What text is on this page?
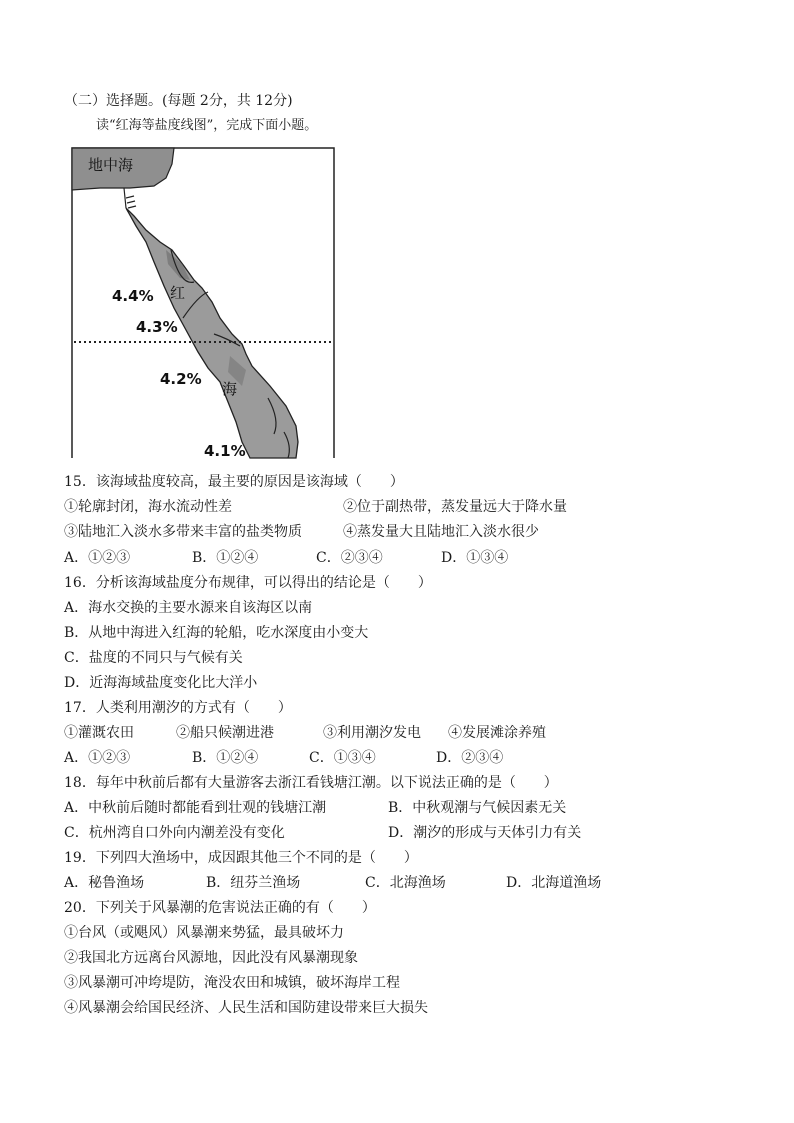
（二）选择题。(每题 2分，共 12分)
读“红海等盐度线图”，完成下面小题。
地中海
红
海
4.4%
4.3%
4.2%
4.1%
15．该海域盐度较高，最主要的原因是该海域（　　）
①轮廓封闭，海水流动性差	②位于副热带，蒸发量远大于降水量
③陆地汇入淡水多带来丰富的盐类物质	④蒸发量大且陆地汇入淡水很少
A．①②③	B．①②④	C．②③④	D．①③④
16．分析该海域盐度分布规律，可以得出的结论是（　　）
A．海水交换的主要水源来自该海区以南
B．从地中海进入红海的轮船，吃水深度由小变大
C．盐度的不同只与气候有关
D．近海海域盐度变化比大洋小
17．人类利用潮汐的方式有（　　）
①灌溉农田	②船只候潮进港	③利用潮汐发电 ④发展滩涂养殖
A．①②③	B．①②④	C．①③④	D．②③④
18．每年中秋前后都有大量游客去浙江看钱塘江潮。以下说法正确的是（　　）
A．中秋前后随时都能看到壮观的钱塘江潮	B．中秋观潮与气候因素无关
C．杭州湾自口外向内潮差没有变化	D．潮汐的形成与天体引力有关
19．下列四大渔场中，成因跟其他三个不同的是（　　）
A．秘鲁渔场	B．纽芬兰渔场	C．北海渔场	D．北海道渔场
20．下列关于风暴潮的危害说法正确的有（　　）
①台风（或飓风）风暴潮来势猛，最具破坏力
②我国北方远离台风源地，因此没有风暴潮现象
③风暴潮可冲垮堤防，淹没农田和城镇，破坏海岸工程
④风暴潮会给国民经济、人民生活和国防建设带来巨大损失
